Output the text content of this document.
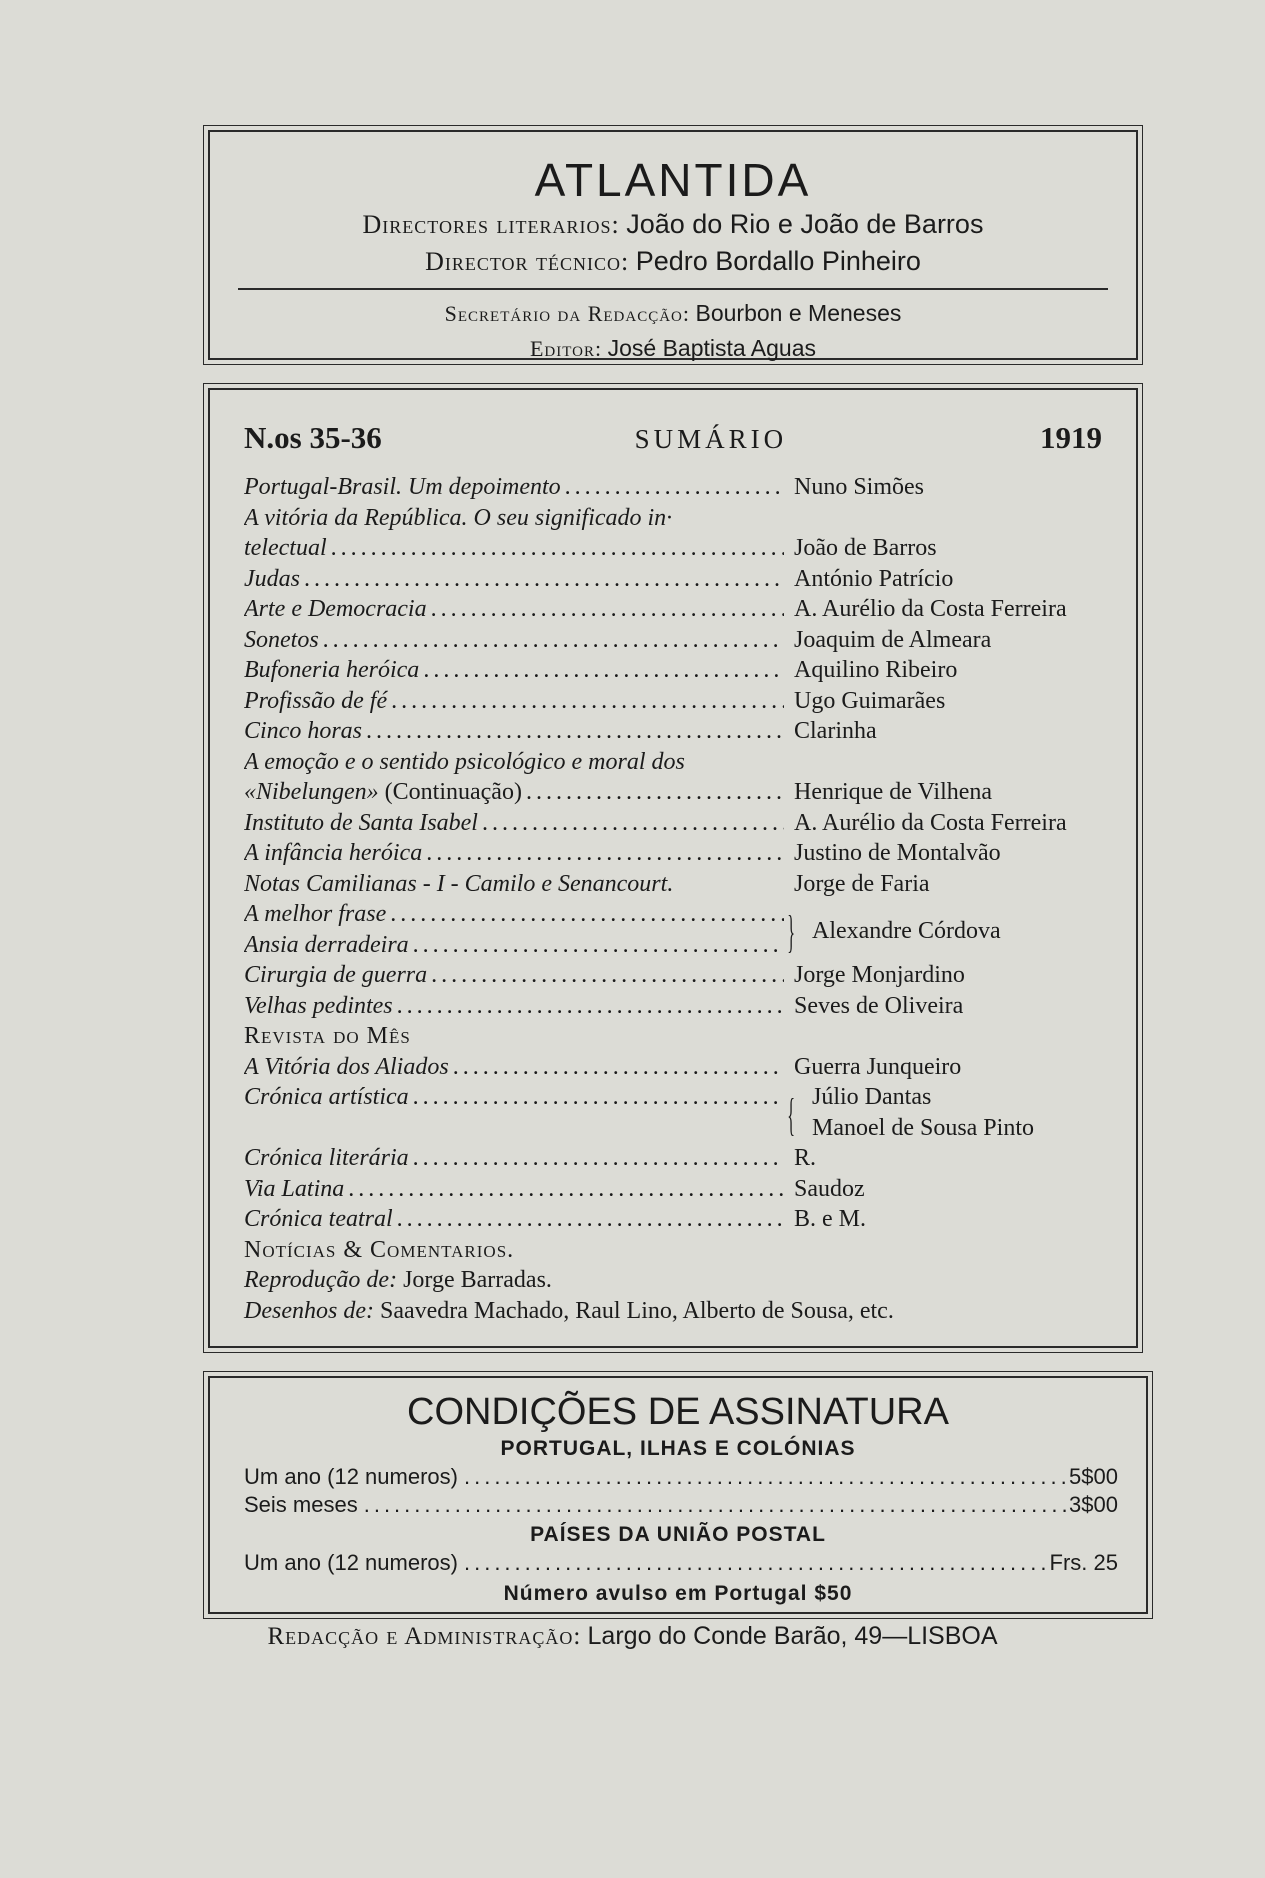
ATLANTIDA
Directores literarios: João do Rio e João de Barros
Director técnico: Pedro Bordallo Pinheiro
Secretário da Redacção: Bourbon e Meneses
Editor: José Baptista Aguas
N.os 35-36	SUMÁRIO	1919
Portugal-Brasil. Um depoimento .....	Nuno Simões
A vitória da República. O seu significado in·
telectual .....	João de Barros
Judas .....	António Patrício
Arte e Democracia .....	A. Aurélio da Costa Ferreira
Sonetos .....	Joaquim de Almeara
Bufoneria heróica .....	Aquilino Ribeiro
Profissão de fé .....	Ugo Guimarães
Cinco horas .....	Clarinha
A emoção e o sentido psicológico e moral dos
«Nibelungen»
(Continuação) .....	Henrique de Vilhena
Instituto de Santa Isabel .....	A. Aurélio da Costa Ferreira
A infância heróica .....	Justino de Montalvão
Notas Camilianas - I - Camilo e Senancourt.	Jorge de Faria
A melhor frase
.....
Ansia derradeira .....	} Alexandre Córdova
Cirurgia de guerra .....	Jorge Monjardino
Velhas pedintes .....	Seves de Oliveira
Revista do Mês
A Vitória dos Aliados .....	Guerra Junqueiro
Crónica artística .....	{ Júlio Dantas
Manoel de Sousa Pinto
Crónica literária .....	R.
Via Latina .....	Saudoz
Crónica teatral .....	B. e M.
Notícias & Comentarios.
Reprodução de: Jorge Barradas.
Desenhos de: Saavedra Machado, Raul Lino, Alberto de Sousa, etc.
CONDIÇÕES DE ASSINATURA
PORTUGAL, ILHAS E COLÓNIAS
Um ano (12 numeros) .....	5$00
Seis meses .....	3$00
PAÍSES DA UNIÃO POSTAL
Um ano (12 numeros) .....	Frs. 25
Número avulso em Portugal $50
Redacção e Administração: Largo do Conde Barão, 49—LISBOA
